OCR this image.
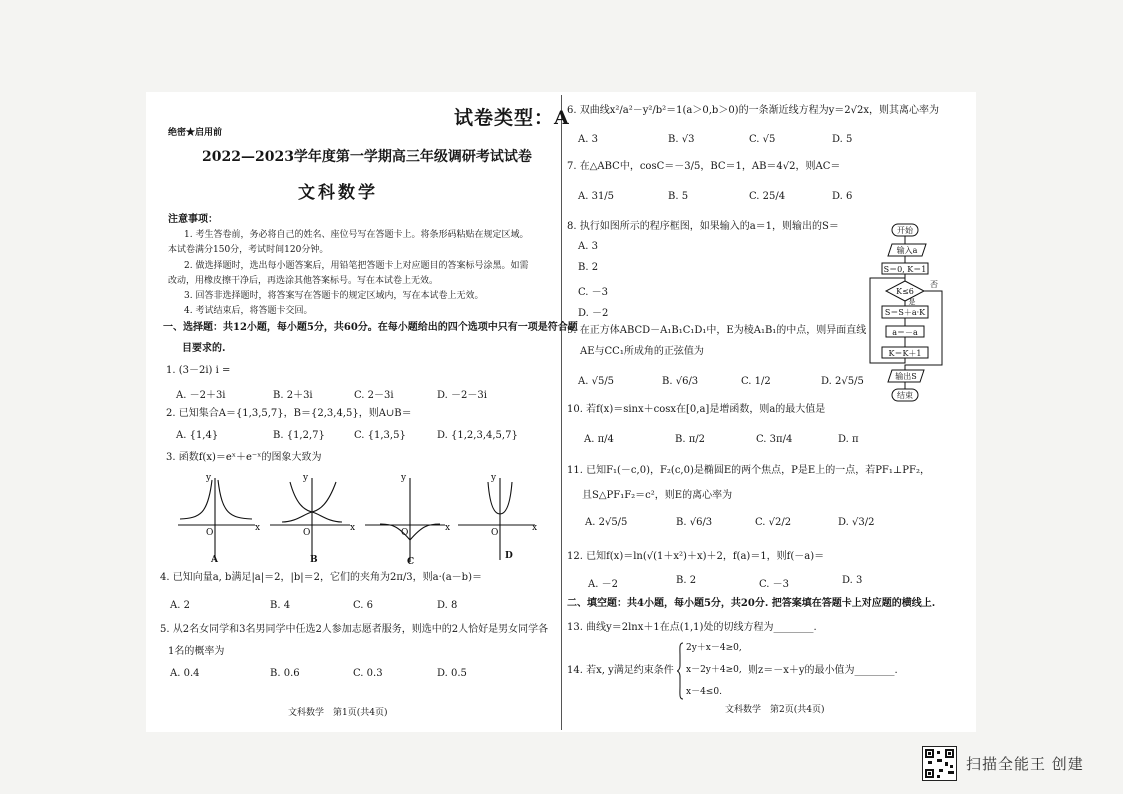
试卷类型：A
绝密★启用前
2022—2023学年度第一学期高三年级调研考试试卷
文科数学
注意事项：
1. 考生答卷前，务必将自己的姓名、座位号写在答题卡上。将条形码粘贴在规定区域。
本试卷满分150分，考试时间120分钟。
2. 做选择题时，选出每小题答案后，用铅笔把答题卡上对应题目的答案标号涂黑。如需
改动，用橡皮擦干净后，再选涂其他答案标号。写在本试卷上无效。
3. 回答非选择题时，将答案写在答题卡的规定区域内，写在本试卷上无效。
4. 考试结束后，将答题卡交回。
一、选择题：共12小题，每小题5分，共60分。在每小题给出的四个选项中只有一项是符合题
目要求的.
1. (3－2i) i =
A. －2＋3i	B. 2＋3i	C. 2－3i	D. －2－3i
2. 已知集合A＝{1,3,5,7}，B＝{2,3,4,5}，则A∪B＝
A. {1,4}	B. {1,2,7}	C. {1,3,5}	D. {1,2,3,4,5,7}
3. 函数f(x)＝eˣ＋e⁻ˣ的图象大致为
y
x
O
A
y
x
O
B
y
x
O
C
y
x
O
D
4. 已知向量a, b满足|a|＝2，|b|＝2，它们的夹角为2π/3，则a·(a－b)＝
A. 2	B. 4	C. 6	D. 8
5. 从2名女同学和3名男同学中任选2人参加志愿者服务，则选中的2人恰好是男女同学各
1名的概率为
A. 0.4	B. 0.6	C. 0.3	D. 0.5
文科数学　第1页(共4页)
6. 双曲线x²/a²－y²/b²＝1(a＞0,b＞0)的一条渐近线方程为y＝2√2x，则其离心率为
A. 3	B. √3	C. √5	D. 5
7. 在△ABC中，cosC＝－3/5，BC＝1，AB＝4√2，则AC＝
A. 31/5	B. 5	C. 25/4	D. 6
8. 执行如图所示的程序框图，如果输入的a＝1，则输出的S＝
A. 3
B. 2
C. －3
D. －2
开始
输入a
S＝0, K＝1
K≤6
否
是
S＝S＋a·K
a＝－a
K＝K＋1
输出S
结束
9. 在正方体ABCD－A₁B₁C₁D₁中，E为棱A₁B₁的中点，则异面直线
AE与CC₁所成角的正弦值为
A. √5/5	B. √6/3	C. 1/2	D. 2√5/5
10. 若f(x)＝sinx＋cosx在[0,a]是增函数，则a的最大值是
A. π/4	B. π/2	C. 3π/4	D. π
11. 已知F₁(－c,0)，F₂(c,0)是椭圆E的两个焦点，P是E上的一点，若PF₁⊥PF₂，
且S△PF₁F₂＝c²，则E的离心率为
A. 2√5/5	B. √6/3	C. √2/2	D. √3/2
12. 已知f(x)＝ln(√(1＋x²)＋x)＋2，f(a)＝1，则f(－a)＝
A. －2	B. 2	C. －3	D. 3
二、填空题：共4小题，每小题5分，共20分. 把答案填在答题卡上对应题的横线上.
13. 曲线y＝2lnx＋1在点(1,1)处的切线方程为________.
14. 若x, y满足约束条件
2y＋x－4≥0,
x－2y＋4≥0,
x－4≤0.
则z＝－x＋y的最小值为________.
文科数学　第2页(共4页)
扫描全能王 创建
